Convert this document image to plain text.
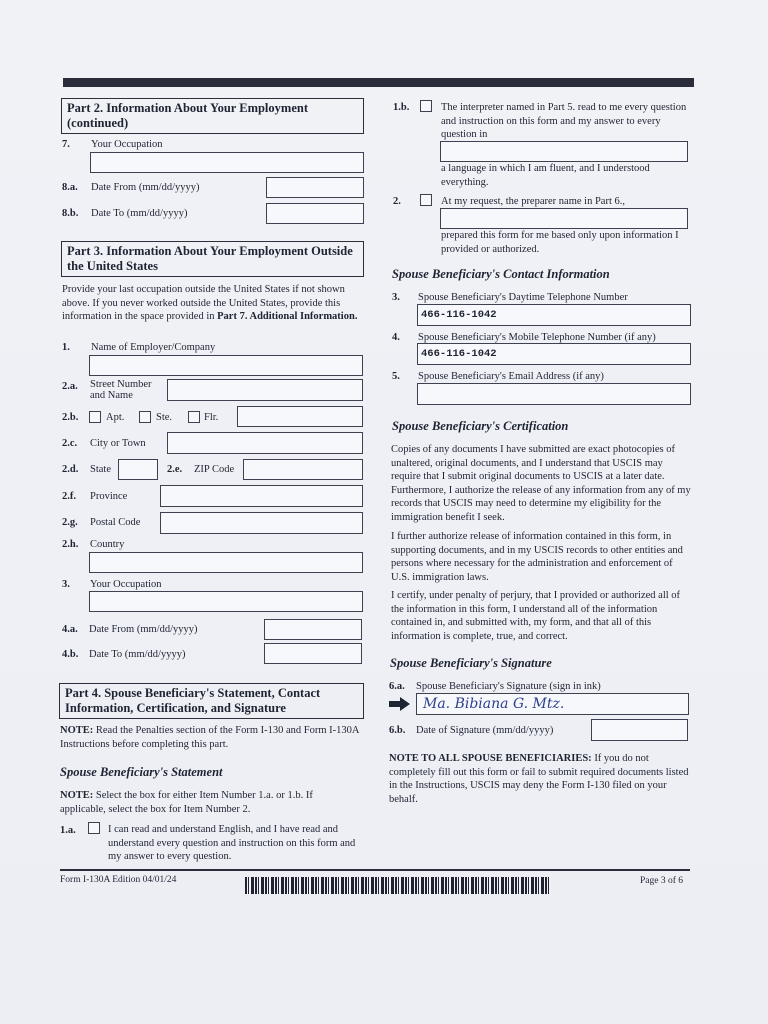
Part 2. Information About Your Employment (continued)
7. Your Occupation
8.a. Date From (mm/dd/yyyy)
8.b. Date To (mm/dd/yyyy)
Part 3. Information About Your Employment Outside the United States
Provide your last occupation outside the United States if not shown above. If you never worked outside the United States, provide this information in the space provided in Part 7. Additional Information.
1. Name of Employer/Company
2.a. Street Number and Name
2.b.	Apt.	Ste.	Flr.
2.c. City or Town
2.d. State	2.e. ZIP Code
2.f. Province
2.g. Postal Code
2.h. Country
3. Your Occupation
4.a. Date From (mm/dd/yyyy)
4.b. Date To (mm/dd/yyyy)
Part 4. Spouse Beneficiary's Statement, Contact Information, Certification, and Signature
NOTE: Read the Penalties section of the Form I-130 and Form I-130A Instructions before completing this part.
Spouse Beneficiary's Statement
NOTE: Select the box for either Item Number 1.a. or 1.b. If applicable, select the box for Item Number 2.
1.a.	I can read and understand English, and I have read and understand every question and instruction on this form and my answer to every question.
1.b.	The interpreter named in Part 5. read to me every question and instruction on this form and my answer to every question in
a language in which I am fluent, and I understood everything.
2.	At my request, the preparer name in Part 6.,
prepared this form for me based only upon information I provided or authorized.
Spouse Beneficiary's Contact Information
3. Spouse Beneficiary's Daytime Telephone Number
466-116-1042
4. Spouse Beneficiary's Mobile Telephone Number (if any)
466-116-1042
5. Spouse Beneficiary's Email Address (if any)
Spouse Beneficiary's Certification
Copies of any documents I have submitted are exact photocopies of unaltered, original documents, and I understand that USCIS may require that I submit original documents to USCIS at a later date. Furthermore, I authorize the release of any information from any of my records that USCIS may need to determine my eligibility for the immigration benefit I seek.
I further authorize release of information contained in this form, in supporting documents, and in my USCIS records to other entities and persons where necessary for the administration and enforcement of U.S. immigration laws.
I certify, under penalty of perjury, that I provided or authorized all of the information in this form, I understand all of the information contained in, and submitted with, my form, and that all of this information is complete, true, and correct.
Spouse Beneficiary's Signature
6.a. Spouse Beneficiary's Signature (sign in ink)
Ma. Bibiana G. Mtz.
6.b. Date of Signature (mm/dd/yyyy)
NOTE TO ALL SPOUSE BENEFICIARIES: If you do not completely fill out this form or fail to submit required documents listed in the Instructions, USCIS may deny the Form I-130 filed on your behalf.
Form I-130A Edition 04/01/24	Page 3 of 6
